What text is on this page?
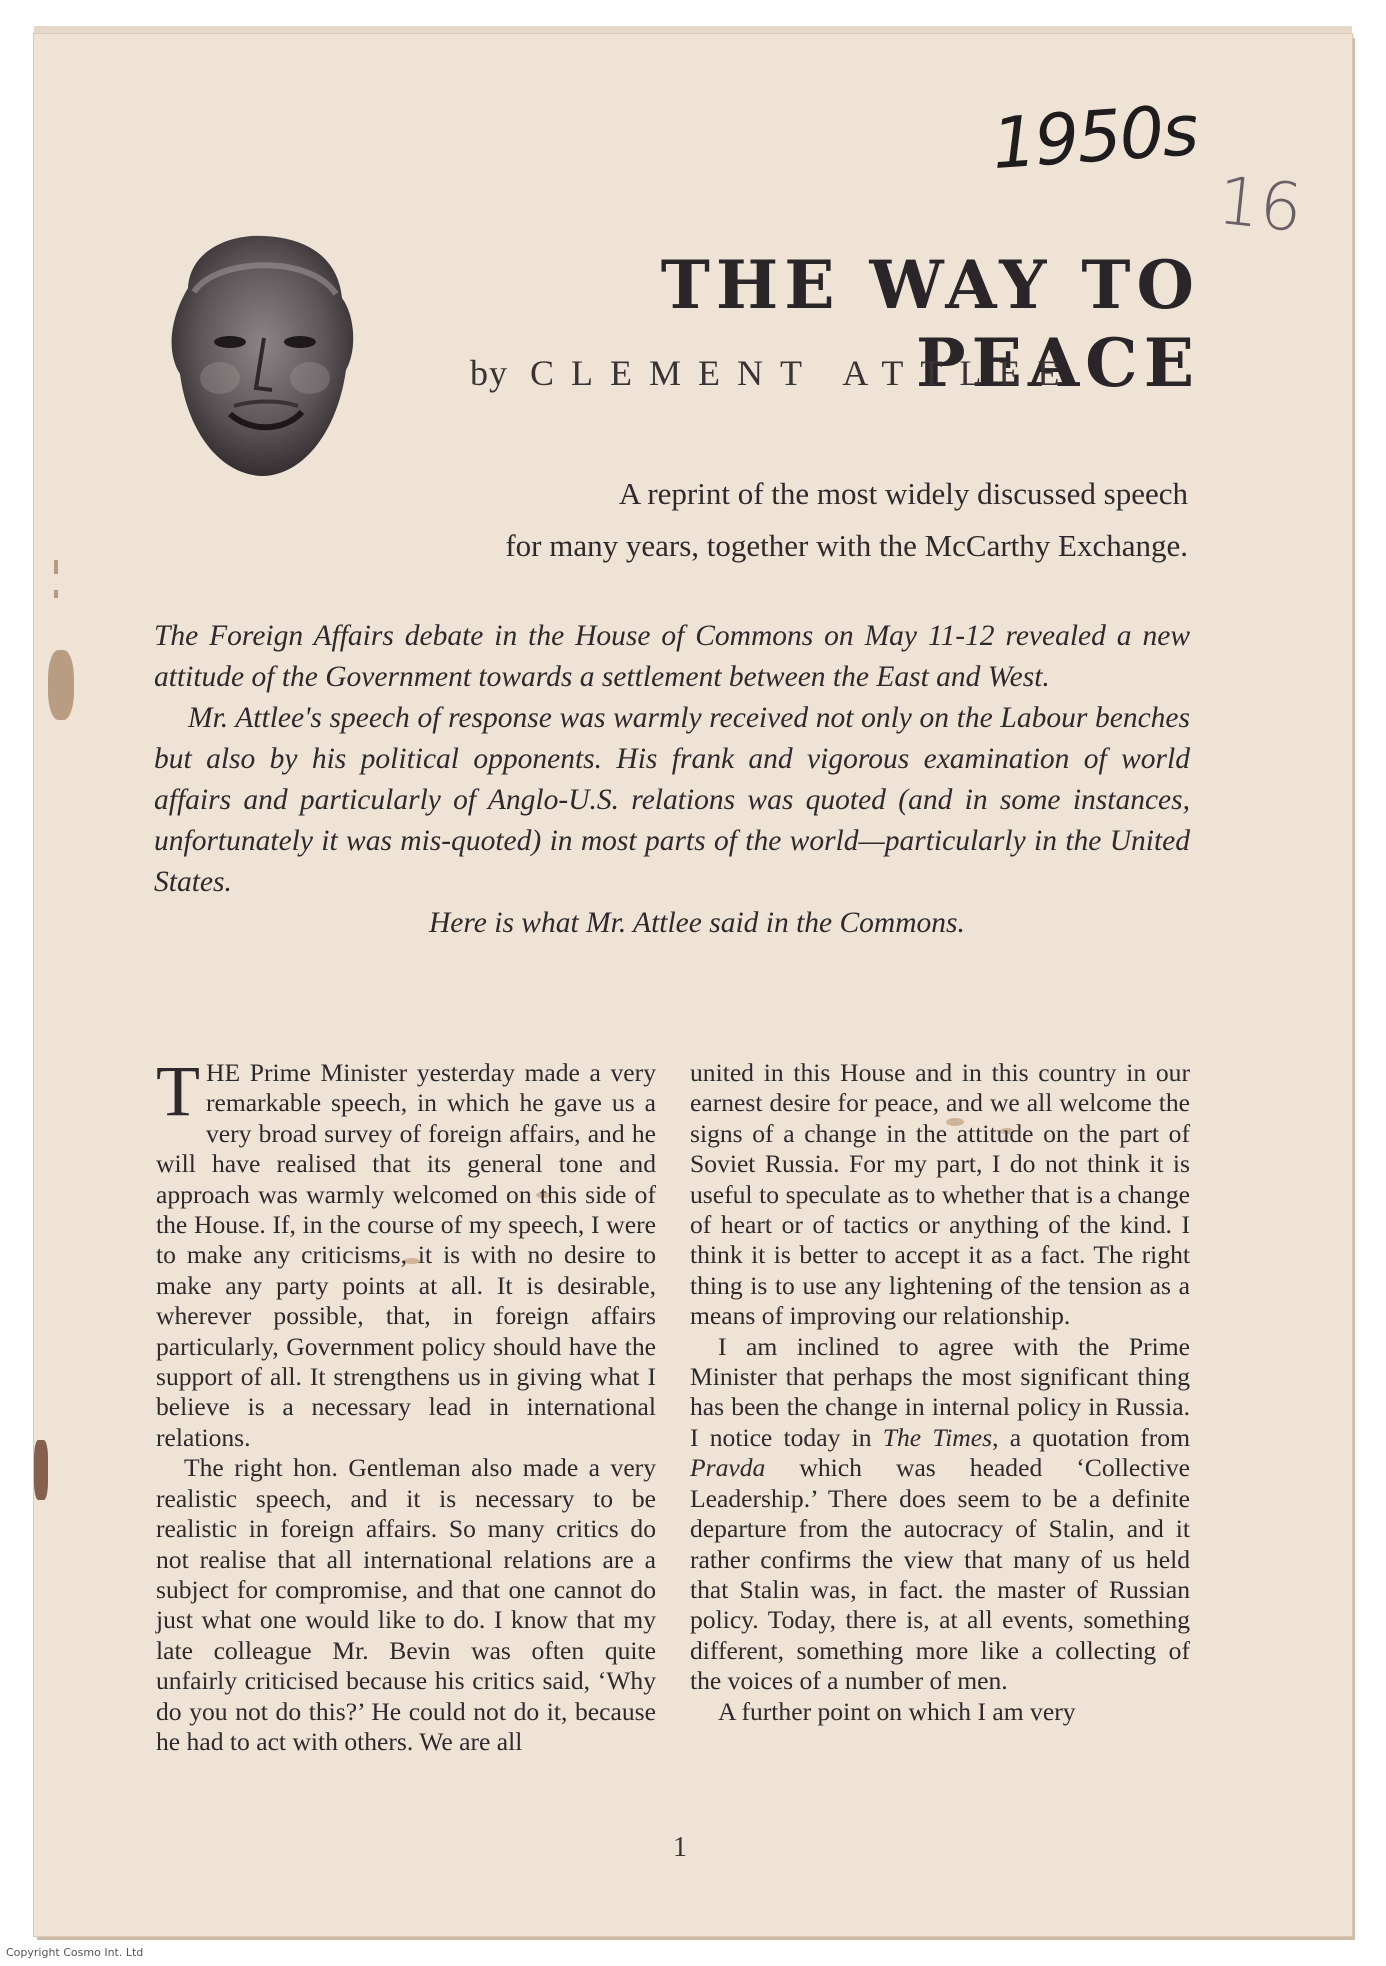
1950s
16
THE WAY TO PEACE
by CLEMENT ATTLEE
A reprint of the most widely discussed speech
for many years, together with the McCarthy Exchange.

The Foreign Affairs debate in the House of Commons on May 11-12 revealed a new attitude of the Government towards a settlement between the East and West.

Mr. Attlee's speech of response was warmly received not only on the Labour benches but also by his political opponents. His frank and vigorous examination of world affairs and particularly of Anglo-U.S. relations was quoted (and in some instances, unfortunately it was mis-quoted) in most parts of the world—particularly in the United States.

Here is what Mr. Attlee said in the Commons.

THE Prime Minister yesterday made a very remarkable speech, in which he gave us a very broad survey of foreign affairs, and he will have realised that its general tone and approach was warmly welcomed on this side of the House. If, in the course of my speech, I were to make any criticisms, it is with no desire to make any party points at all. It is desirable, wherever possible, that, in foreign affairs particularly, Government policy should have the support of all. It strengthens us in giving what I believe is a necessary lead in international relations.

The right hon. Gentleman also made a very realistic speech, and it is necessary to be realistic in foreign affairs. So many critics do not realise that all international relations are a subject for compromise, and that one cannot do just what one would like to do. I know that my late colleague Mr. Bevin was often quite unfairly criticised because his critics said, ‘Why do you not do this?’ He could not do it, because he had to act with others. We are all

united in this House and in this country in our earnest desire for peace, and we all welcome the signs of a change in the attitude on the part of Soviet Russia. For my part, I do not think it is useful to speculate as to whether that is a change of heart or of tactics or anything of the kind. I think it is better to accept it as a fact. The right thing is to use any lightening of the tension as a means of improving our relationship.

I am inclined to agree with the Prime Minister that perhaps the most significant thing has been the change in internal policy in Russia. I notice today in The Times, a quotation from Pravda which was headed ‘Collective Leadership.’ There does seem to be a definite departure from the autocracy of Stalin, and it rather confirms the view that many of us held that Stalin was, in fact. the master of Russian policy. Today, there is, at all events, something different, something more like a collecting of the voices of a number of men.

A further point on which I am very

1
Copyright Cosmo Int. Ltd
